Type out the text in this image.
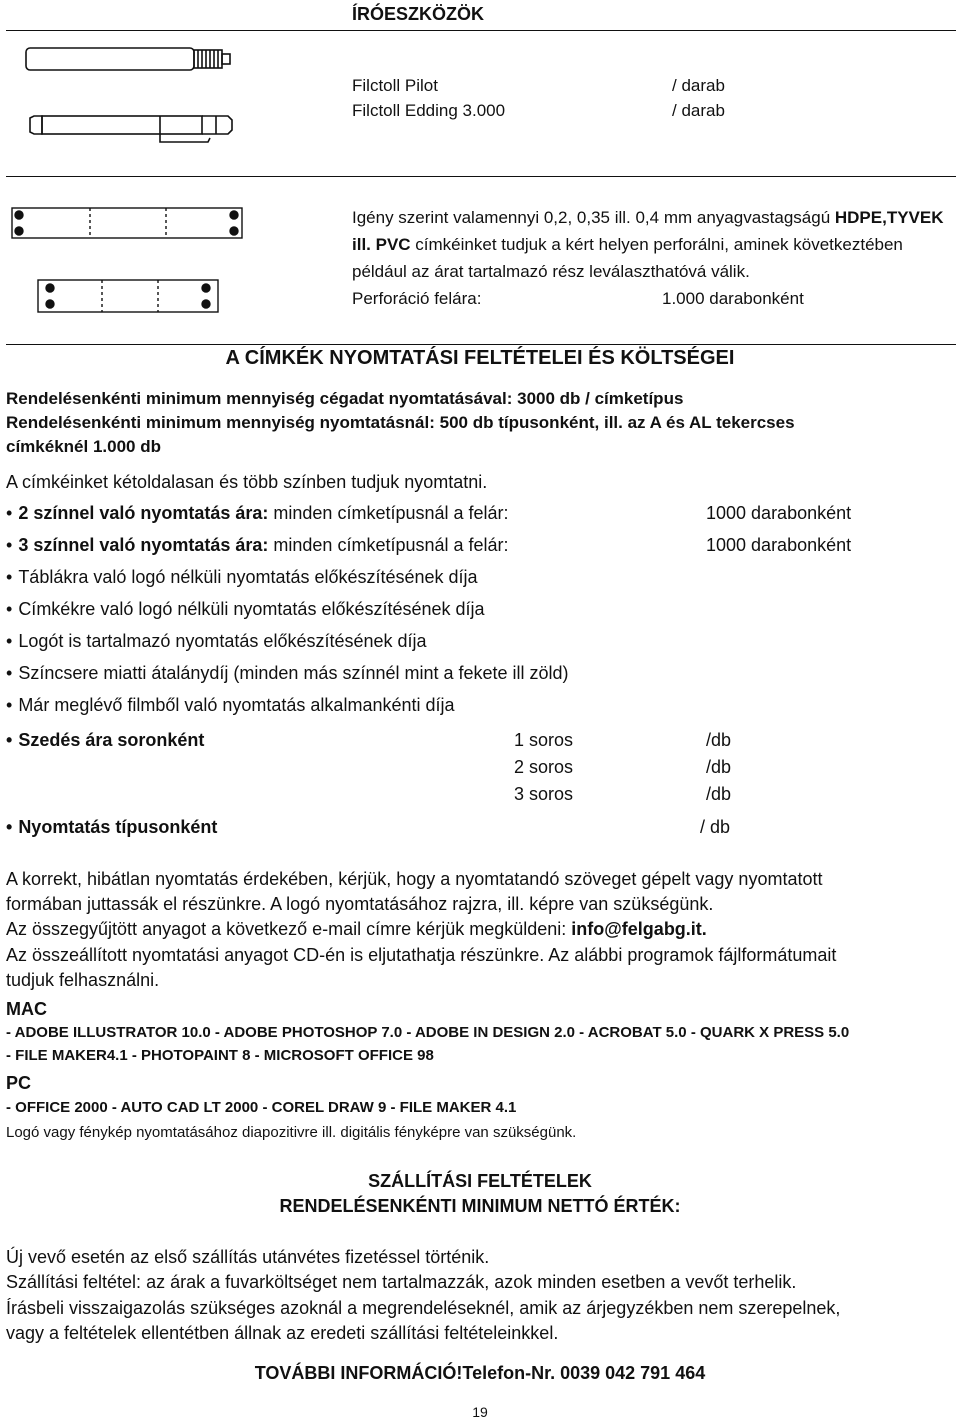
ÍRÓESZKÖZÖK
Filctoll Pilot	/ darab
Filctoll Edding 3.000	/ darab
Igény szerint valamennyi 0,2, 0,35 ill. 0,4 mm anyagvastagságú HDPE,TYVEK
ill. PVC címkéinket tudjuk a kért helyen perforálni, aminek következtében
például az árat tartalmazó rész leválaszthatóvá válik.
Perforáció felára:	1.000 darabonként
A CÍMKÉK NYOMTATÁSI FELTÉTELEI ÉS KÖLTSÉGEI
Rendelésenkénti minimum mennyiség cégadat nyomtatásával: 3000 db / címketípus
Rendelésenkénti minimum mennyiség nyomtatásnál: 500 db típusonként, ill. az A és AL tekercses
címkéknél 1.000 db
A címkéinket kétoldalasan és több színben tudjuk nyomtatni.
• 2 színnel való nyomtatás ára: minden címketípusnál a felár:	1000 darabonként
• 3 színnel való nyomtatás ára: minden címketípusnál a felár:	1000 darabonként
• Táblákra való logó nélküli nyomtatás előkészítésének díja
• Címkékre való logó nélküli nyomtatás előkészítésének díja
• Logót is tartalmazó nyomtatás előkészítésének díja
• Színcsere miatti átalánydíj (minden más színnél mint a fekete ill zöld)
• Már meglévő filmből való nyomtatás alkalmankénti díja
• Szedés ára soronként	1 soros	/db
2 soros	/db
3 soros	/db
• Nyomtatás típusonként	/ db
A korrekt, hibátlan nyomtatás érdekében, kérjük, hogy a nyomtatandó szöveget gépelt vagy nyomtatott
formában juttassák el részünkre. A logó nyomtatásához rajzra, ill. képre van szükségünk.
Az összegyűjtött anyagot a következő e-mail címre kérjük megküldeni: info@felgabg.it.
Az összeállított nyomtatási anyagot CD-én is eljutathatja részünkre. Az alábbi programok fájlformátumait
tudjuk felhasználni.
MAC
- ADOBE ILLUSTRATOR 10.0 - ADOBE PHOTOSHOP 7.0 - ADOBE IN DESIGN 2.0 - ACROBAT 5.0 - QUARK X PRESS 5.0
- FILE MAKER4.1 - PHOTOPAINT 8 - MICROSOFT OFFICE 98
PC
- OFFICE 2000 - AUTO CAD LT 2000 - COREL DRAW 9 - FILE MAKER 4.1
Logó vagy fénykép nyomtatásához diapozitivre ill. digitális fényképre van szükségünk.
SZÁLLÍTÁSI FELTÉTELEK
RENDELÉSENKÉNTI MINIMUM NETTÓ ÉRTÉK:
Új vevő esetén az első szállítás utánvétes fizetéssel történik.
Szállítási feltétel: az árak a fuvarköltséget nem tartalmazzák, azok minden esetben a vevőt terhelik.
Írásbeli visszaigazolás szükséges azoknál a megrendeléseknél, amik az árjegyzékben nem szerepelnek,
vagy a feltételek ellentétben állnak az eredeti szállítási feltételeinkkel.
TOVÁBBI INFORMÁCIÓ!Telefon-Nr. 0039 042 791 464
19
